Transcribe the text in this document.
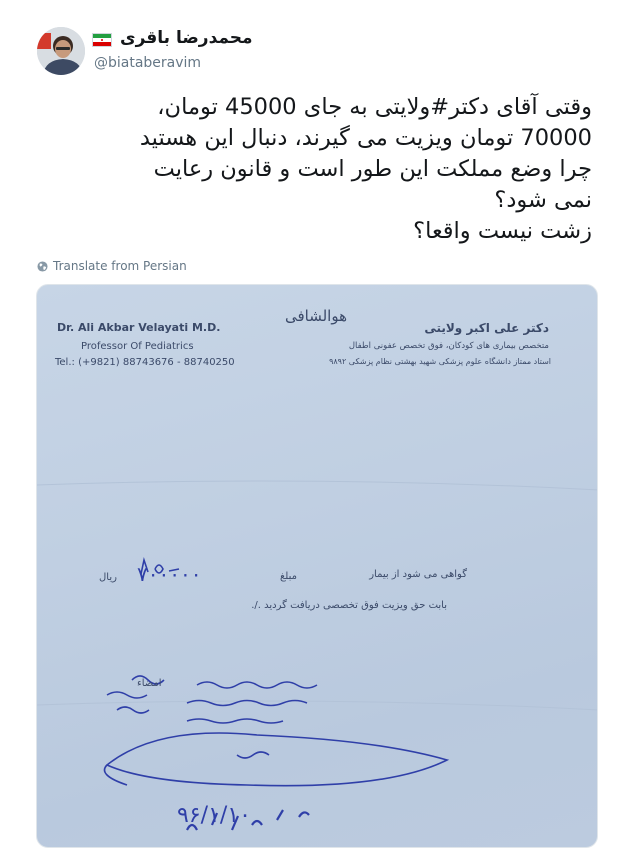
محمدرضا باقری
@biataberavim
وقتی آقای دکتر#ولایتی به جای 45000 تومان،
70000 تومان ویزیت می گیرند، دنبال این هستید
چرا وضع مملکت این طور است و قانون رعایت
نمی شود؟
زشت نیست واقعا؟
Translate from Persian
Dr. Ali Akbar Velayati M.D.
Professor Of Pediatrics
Tel.: (+9821) 88743676 - 88740250
هوالشافی
دکتر علی اکبر ولایتی
متخصص بیماری های کودکان، فوق تخصص عفونی اطفال
استاد ممتاز دانشگاه علوم پزشکی شهید بهشتی نظام پزشکی ۹۸۹۲
گواهی می شود از بیمار
مبلغ
۷۰۰۰۰۰
ریال
بابت حق ویزیت فوق تخصصی دریافت گردید ./.
امضاء
۹۶/۱/۱۰
